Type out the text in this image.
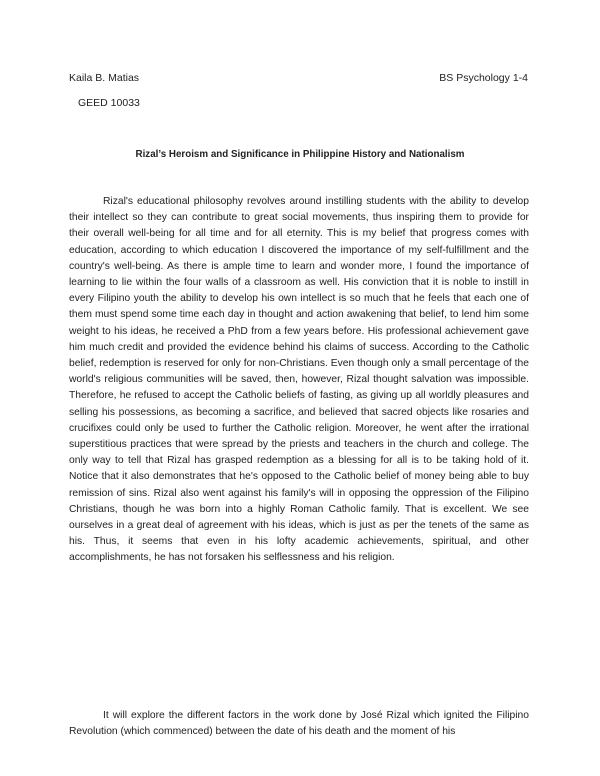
Kaila B. Matias	BS Psychology 1-4
GEED 10033
Rizal’s Heroism and Significance in Philippine History and Nationalism

Rizal's educational philosophy revolves around instilling students with the ability to develop their intellect so they can contribute to great social movements, thus inspiring them to provide for their overall well-being for all time and for all eternity. This is my belief that progress comes with education, according to which education I discovered the importance of my self-fulfillment and the country's well-being. As there is ample time to learn and wonder more, I found the importance of learning to lie within the four walls of a classroom as well. His conviction that it is noble to instill in every Filipino youth the ability to develop his own intellect is so much that he feels that each one of them must spend some time each day in thought and action awakening that belief, to lend him some weight to his ideas, he received a PhD from a few years before. His professional achievement gave him much credit and provided the evidence behind his claims of success. According to the Catholic belief, redemption is reserved for only for non-Christians. Even though only a small percentage of the world's religious communities will be saved, then, however, Rizal thought salvation was impossible. Therefore, he refused to accept the Catholic beliefs of fasting, as giving up all worldly pleasures and selling his possessions, as becoming a sacrifice, and believed that sacred objects like rosaries and crucifixes could only be used to further the Catholic religion. Moreover, he went after the irrational superstitious practices that were spread by the priests and teachers in the church and college. The only way to tell that Rizal has grasped redemption as a blessing for all is to be taking hold of it. Notice that it also demonstrates that he's opposed to the Catholic belief of money being able to buy remission of sins. Rizal also went against his family's will in opposing the oppression of the Filipino Christians, though he was born into a highly Roman Catholic family. That is excellent. We see ourselves in a great deal of agreement with his ideas, which is just as per the tenets of the same as his. Thus, it seems that even in his lofty academic achievements, spiritual, and other accomplishments, he has not forsaken his selflessness and his religion.

It will explore the different factors in the work done by José Rizal which ignited the Filipino Revolution (which commenced) between the date of his death and the moment of his
